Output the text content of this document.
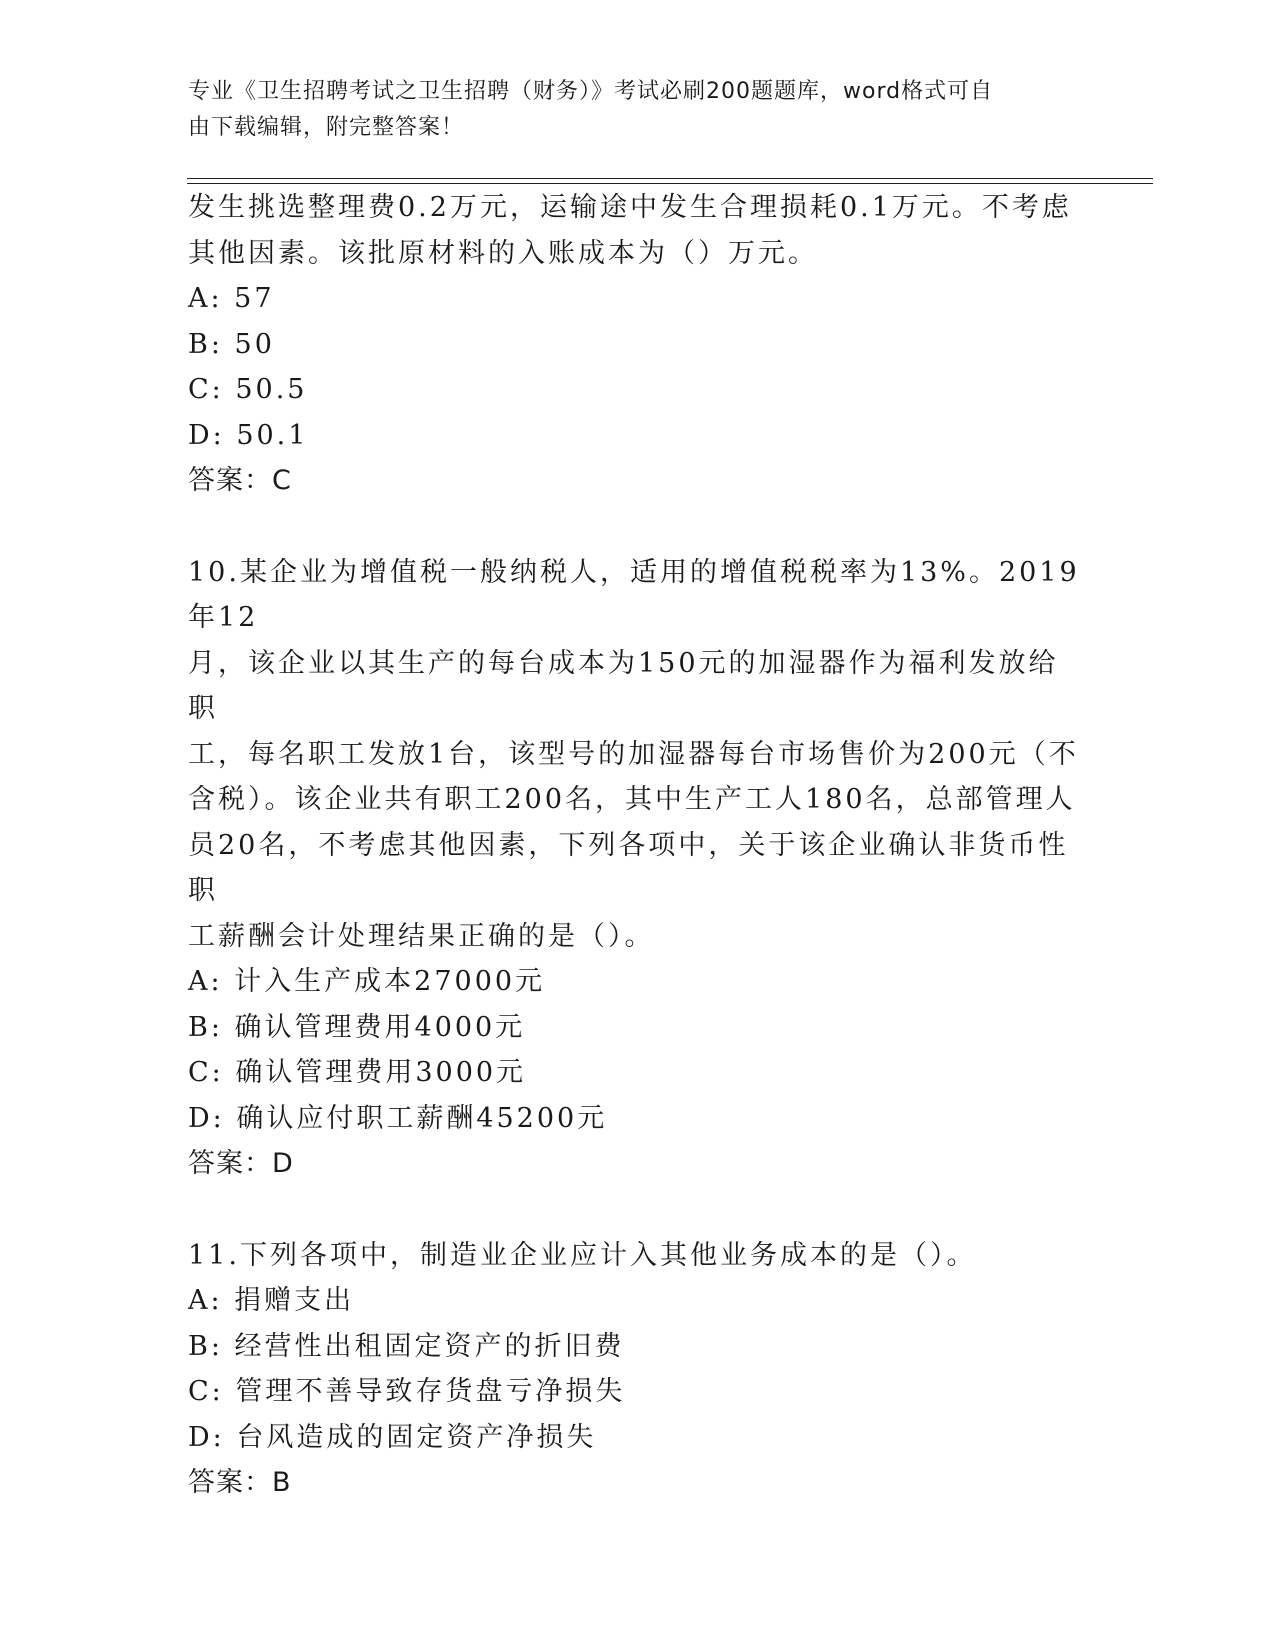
专业《卫生招聘考试之卫生招聘（财务）》考试必刷200题题库，word格式可自
由下载编辑，附完整答案！

发生挑选整理费0.2万元，运输途中发生合理损耗0.1万元。不考虑

其他因素。该批原材料的入账成本为（）万元。

A: 57

B: 50

C: 50.5

D: 50.1

答案：C

10.某企业为增值税一般纳税人，适用的增值税税率为13%。2019年12

月，该企业以其生产的每台成本为150元的加湿器作为福利发放给职

工，每名职工发放1台，该型号的加湿器每台市场售价为200元（不

含税）。该企业共有职工200名，其中生产工人180名，总部管理人

员20名，不考虑其他因素，下列各项中，关于该企业确认非货币性职

工薪酬会计处理结果正确的是（）。

A: 计入生产成本27000元

B: 确认管理费用4000元

C: 确认管理费用3000元

D: 确认应付职工薪酬45200元

答案：D

11.下列各项中，制造业企业应计入其他业务成本的是（）。

A: 捐赠支出

B: 经营性出租固定资产的折旧费

C: 管理不善导致存货盘亏净损失

D: 台风造成的固定资产净损失

答案：B
